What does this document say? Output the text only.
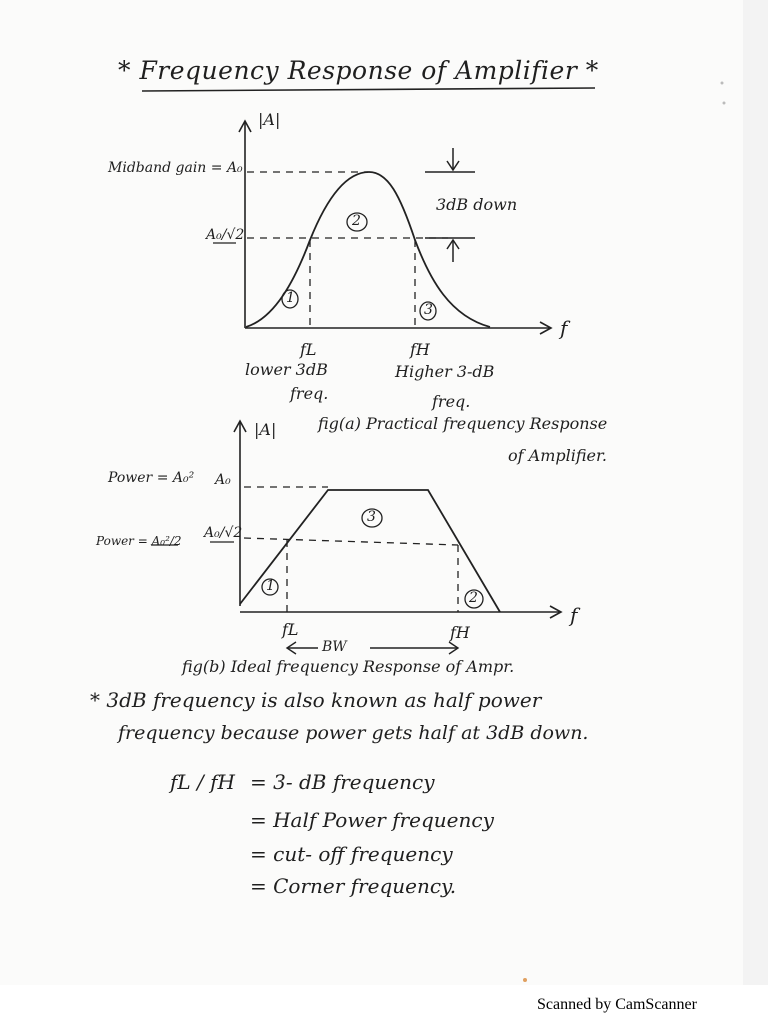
* Frequency Response of Amplifier *
|A|
f
Midband gain = A₀
A₀/√2
3dB down
1
2
3
fL	fH
lower 3dB
freq.
Higher 3-dB
freq.
fig(a) Practical frequency Response
of Amplifier.
|A|
f
Power = A₀² A₀
Power = A₀²/2	A₀/√2
1
2
3
fL	fH
BW
fig(b) Ideal frequency Response of Ampr.
* 3dB frequency is also known as half power
frequency because power gets half at 3dB down.
fL / fH = 3- dB frequency
= Half Power frequency
= cut- off frequency
= Corner frequency.
Scanned by CamScanner
